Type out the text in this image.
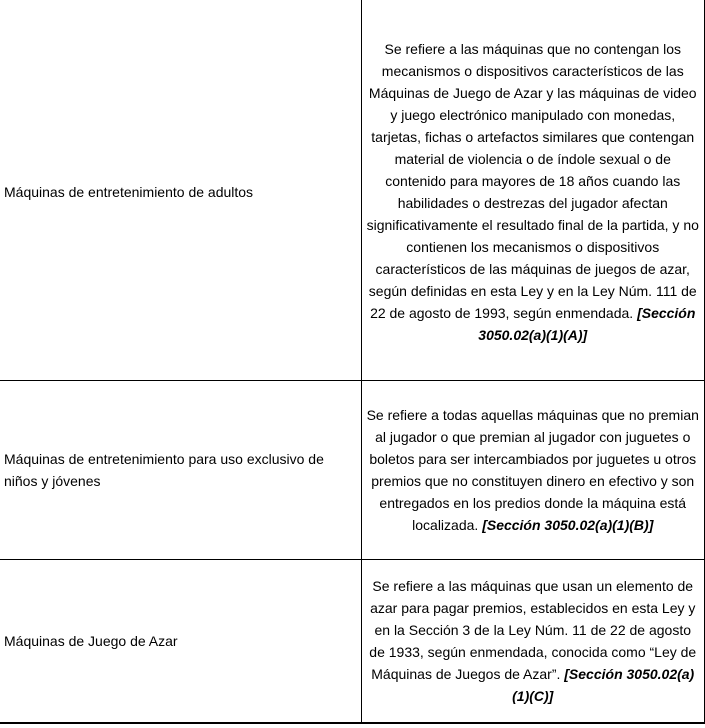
Máquinas de entretenimiento de adultos	Se refiere a las máquinas que no contengan los mecanismos o dispositivos característicos de las Máquinas de Juego de Azar y las máquinas de video y juego electrónico manipulado con monedas, tarjetas, fichas o artefactos similares que contengan material de violencia o de índole sexual o de contenido para mayores de 18 años cuando las habilidades o destrezas del jugador afectan significativamente el resultado final de la partida, y no contienen los mecanismos o dispositivos característicos de las máquinas de juegos de azar, según definidas en esta Ley y en la Ley Núm. 111 de 22 de agosto de 1993, según enmendada. [Sección 3050.02(a)(1)(A)]
Máquinas de entretenimiento para uso exclusivo de niños y jóvenes	Se refiere a todas aquellas máquinas que no premian al jugador o que premian al jugador con juguetes o boletos para ser intercambiados por juguetes u otros premios que no constituyen dinero en efectivo y son entregados en los predios donde la máquina está localizada. [Sección 3050.02(a)(1)(B)]
Máquinas de Juego de Azar	Se refiere a las máquinas que usan un elemento de azar para pagar premios, establecidos en esta Ley y en la Sección 3 de la Ley Núm. 11 de 22 de agosto de 1933, según enmendada, conocida como “Ley de Máquinas de Juegos de Azar”. [Sección 3050.02(a)(1)(C)]
